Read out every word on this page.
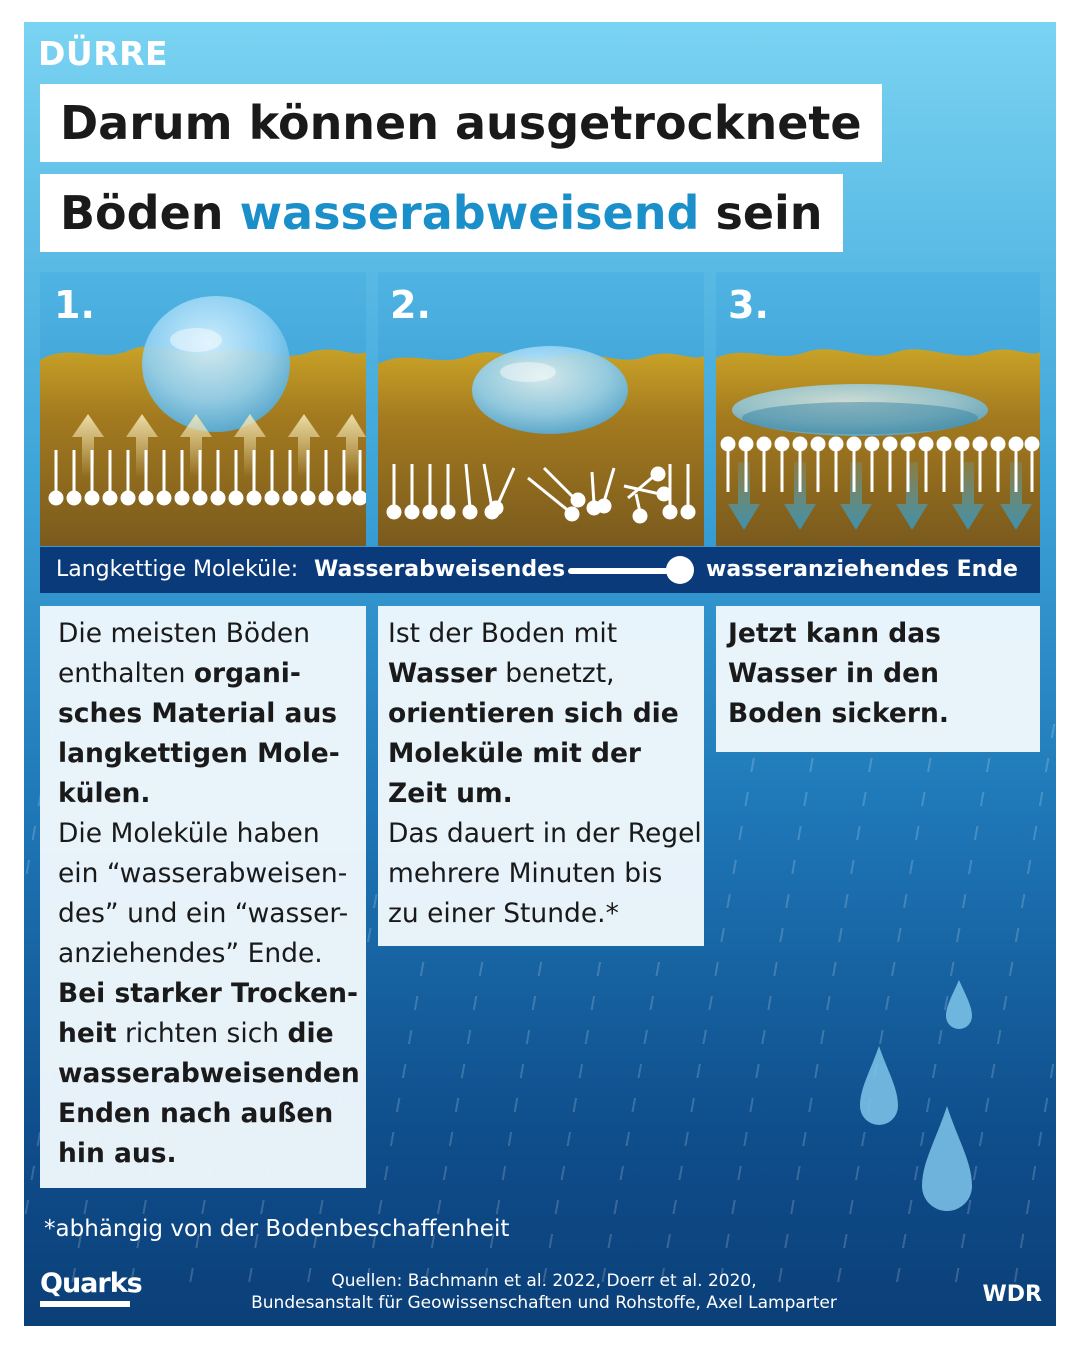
DÜRRE
Darum können ausgetrocknete
Böden wasserabweisend sein
1.	2.	3.
Langkettige Moleküle: Wasserabweisendes	wasseranziehendes Ende
Die meisten Böden
enthalten organi-
sches Material aus
langkettigen Mole-
külen.
Die Moleküle haben
ein “wasserabweisen-
des” und ein “wasser-
anziehendes” Ende.
Bei starker Trocken-
heit richten sich die
wasserabweisenden
Enden nach außen
hin aus.
Ist der Boden mit
Wasser benetzt,
orientieren sich die
Moleküle mit der
Zeit um.
Das dauert in der Regel
mehrere Minuten bis
zu einer Stunde.*
Jetzt kann das
Wasser in den
Boden sickern.
*abhängig von der Bodenbeschaffenheit
Quarks	Quellen: Bachmann et al. 2022, Doerr et al. 2020,
Bundesanstalt für Geowissenschaften und Rohstoffe, Axel Lamparter	WDR
